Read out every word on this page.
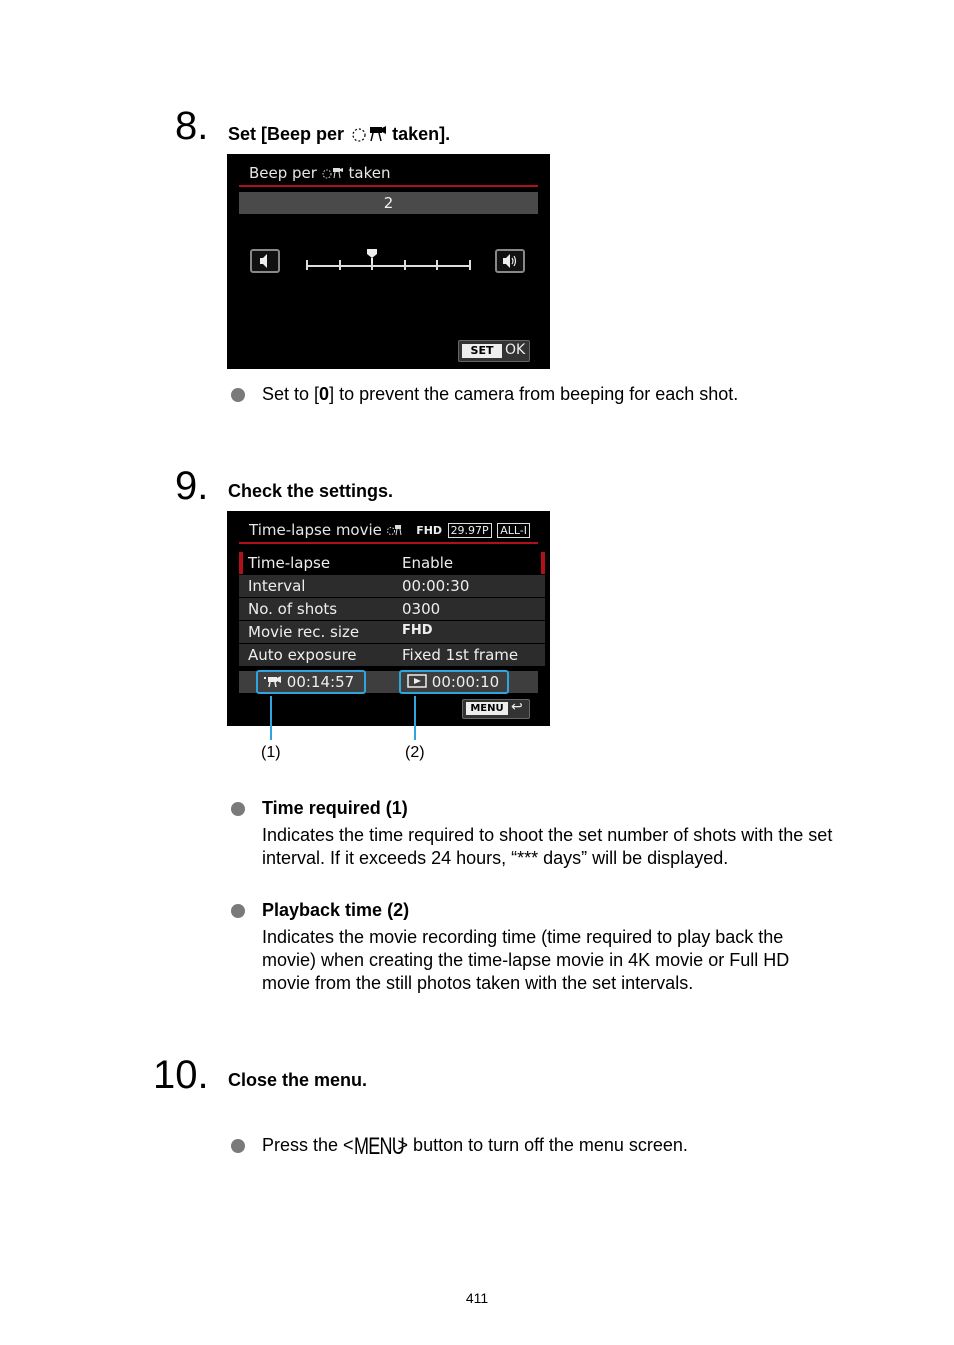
8. Set [Beep per	taken].
Beep per taken
2
SET OK
Set to [0] to prevent the camera from beeping for each shot.
9. Check the settings.
Time-lapse movie	FHD 29.97P ALL-I
Time-lapse	Enable
Interval	00:00:30
No. of shots	0300
Movie rec. size	FHD
Auto exposure	Fixed 1st frame
00:14:57	00:00:10
MENU ↩
(1)	(2)
Time required (1)
Indicates the time required to shoot the set number of shots with the set interval. If it exceeds 24 hours, “*** days” will be displayed.
Playback time (2)
Indicates the movie recording time (time required to play back the movie) when creating the time-lapse movie in 4K movie or Full HD movie from the still photos taken with the set intervals.
10. Close the menu.
Press the <MENU> button to turn off the menu screen.
411
